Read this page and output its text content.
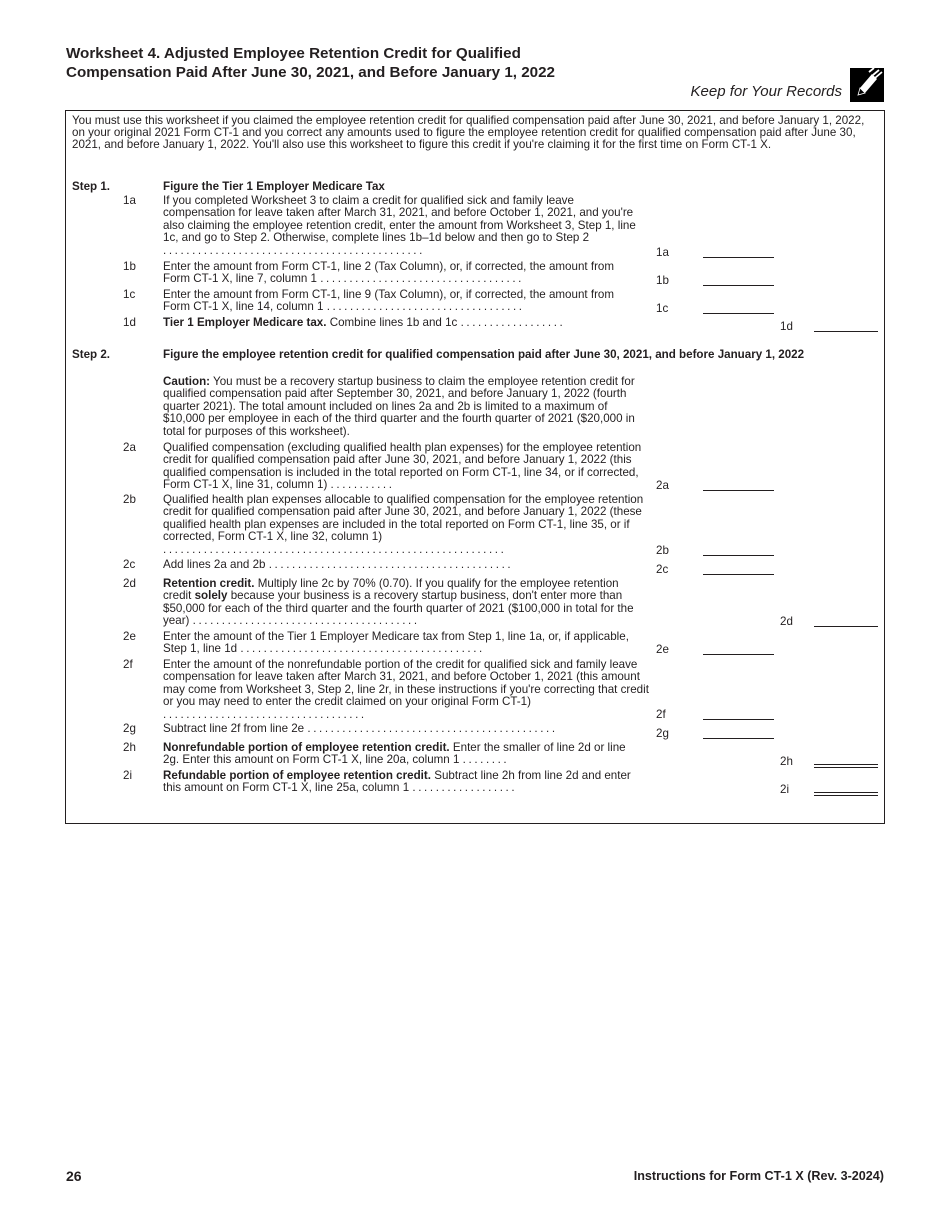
Worksheet 4. Adjusted Employee Retention Credit for Qualified Compensation Paid After June 30, 2021, and Before January 1, 2022
Keep for Your Records
You must use this worksheet if you claimed the employee retention credit for qualified compensation paid after June 30, 2021, and before January 1, 2022, on your original 2021 Form CT-1 and you correct any amounts used to figure the employee retention credit for qualified compensation paid after June 30, 2021, and before January 1, 2022. You'll also use this worksheet to figure this credit if you're claiming it for the first time on Form CT-1 X.
Step 1.	Figure the Tier 1 Employer Medicare Tax
1a If you completed Worksheet 3 to claim a credit for qualified sick and family leave compensation for leave taken after March 31, 2021, and before October 1, 2021, and you're also claiming the employee retention credit, enter the amount from Worksheet 3, Step 1, line 1c, and go to Step 2. Otherwise, complete lines 1b–1d below and then go to Step 2 .............................................	1a
1b Enter the amount from Form CT-1, line 2 (Tax Column), or, if corrected, the amount from Form CT-1 X, line 7, column 1 ...................................	1b
1c Enter the amount from Form CT-1, line 9 (Tax Column), or, if corrected, the amount from Form CT-1 X, line 14, column 1 ..................................	1c
1d Tier 1 Employer Medicare tax. Combine lines 1b and 1c ..................	1d
Step 2.	Figure the employee retention credit for qualified compensation paid after June 30, 2021, and before January 1, 2022
Caution: You must be a recovery startup business to claim the employee retention credit for qualified compensation paid after September 30, 2021, and before January 1, 2022 (fourth quarter 2021). The total amount included on lines 2a and 2b is limited to a maximum of $10,000 per employee in each of the third quarter and the fourth quarter of 2021 ($20,000 in total for purposes of this worksheet).
2a Qualified compensation (excluding qualified health plan expenses) for the employee retention credit for qualified compensation paid after June 30, 2021, and before January 1, 2022 (this qualified compensation is included in the total reported on Form CT-1, line 34, or if corrected, Form CT-1 X, line 31, column 1) ...........	2a
2b Qualified health plan expenses allocable to qualified compensation for the employee retention credit for qualified compensation paid after June 30, 2021, and before January 1, 2022 (these qualified health plan expenses are included in the total reported on Form CT-1, line 35, or if corrected, Form CT-1 X, line 32, column 1) ...........................................................	2b
2c Add lines 2a and 2b ..........................................	2c
2d Retention credit. Multiply line 2c by 70% (0.70). If you qualify for the employee retention credit solely because your business is a recovery startup business, don't enter more than $50,000 for each of the third quarter and the fourth quarter of 2021 ($100,000 in total for the year) .......................................	2d
2e Enter the amount of the Tier 1 Employer Medicare tax from Step 1, line 1a, or, if applicable, Step 1, line 1d ..........................................	2e
2f	Enter the amount of the nonrefundable portion of the credit for qualified sick and family leave compensation for leave taken after March 31, 2021, and before October 1, 2021 (this amount may come from Worksheet 3, Step 2, line 2r, in these instructions if you're correcting that credit or you may need to enter the credit claimed on your original Form CT-1) ...................................	2f
2g Subtract line 2f from line 2e ...........................................	2g
2h Nonrefundable portion of employee retention credit. Enter the smaller of line 2d or line 2g. Enter this amount on Form CT-1 X, line 20a, column 1 ........	2h
2i	Refundable portion of employee retention credit. Subtract line 2h from line 2d and enter this amount on Form CT-1 X, line 25a, column 1 ..................	2i
26	Instructions for Form CT-1 X (Rev. 3-2024)
